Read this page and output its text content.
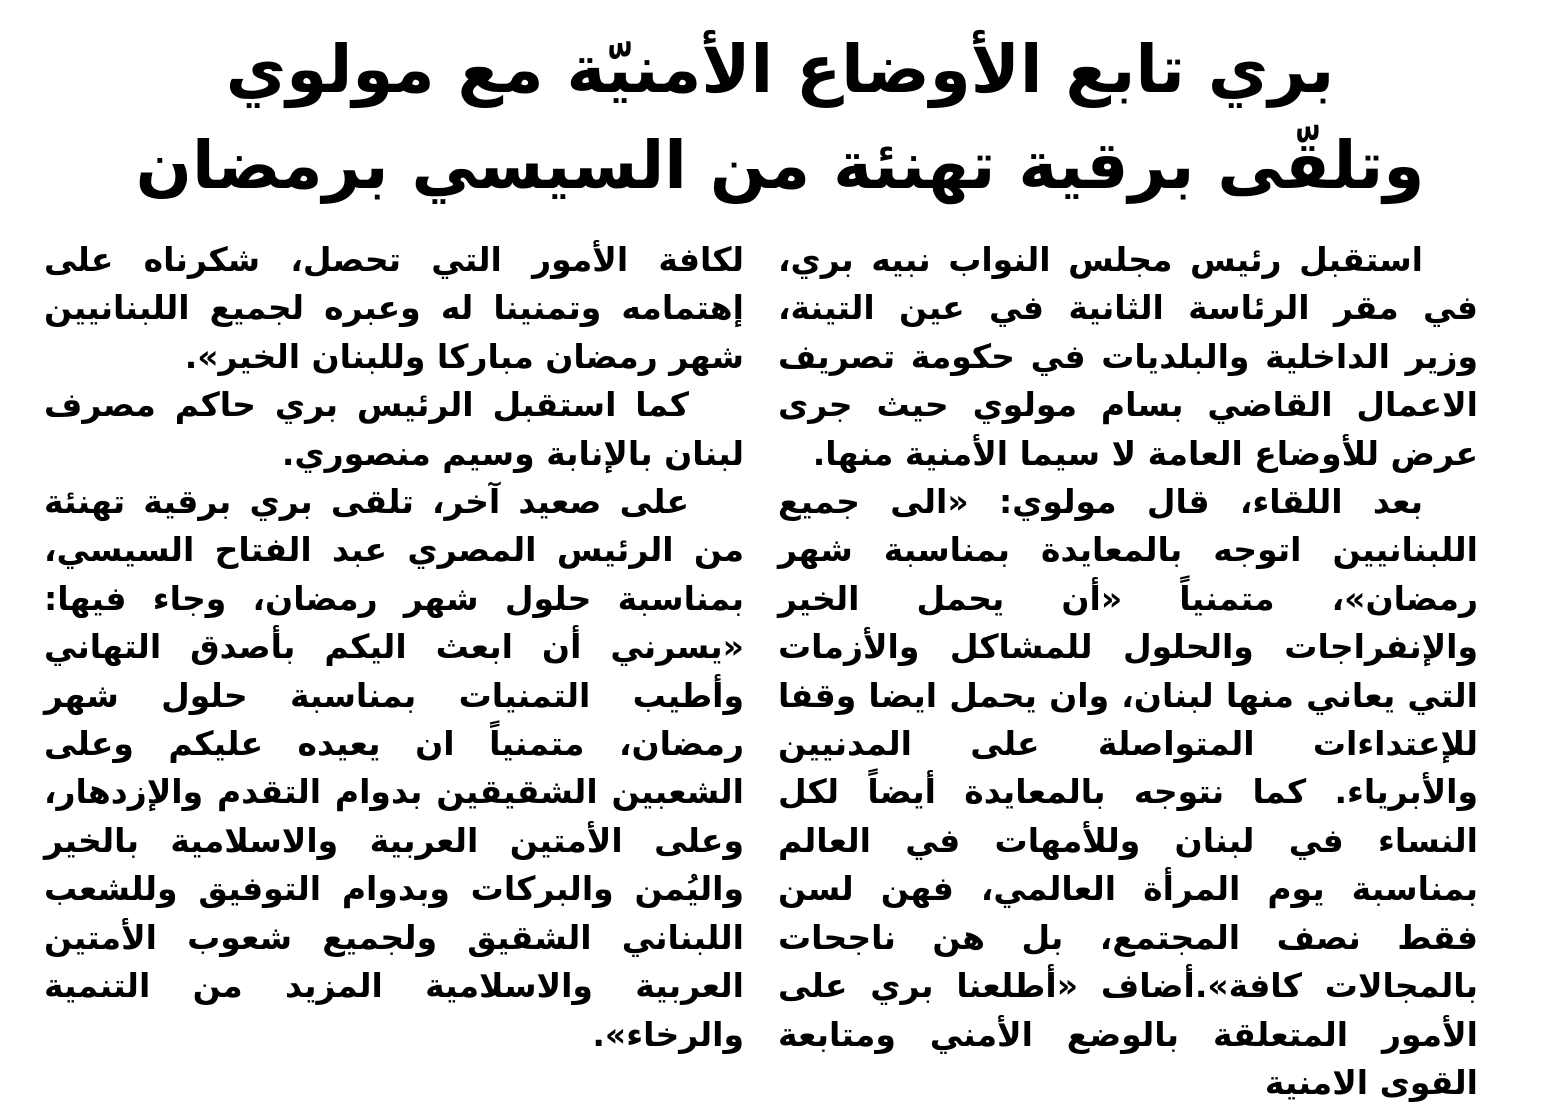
بري تابع الأوضاع الأمنيّة مع مولوي
وتلقّى برقية تهنئة من السيسي برمضان

استقبل رئيس مجلس النواب نبيه بري، في مقر الرئاسة الثانية في عين التينة، وزير الداخلية والبلديات في حكومة تصريف الاعمال القاضي بسام مولوي حيث جرى عرض للأوضاع العامة لا سيما الأمنية منها.

بعد اللقاء، قال مولوي: «الى جميع اللبنانيين اتوجه بالمعايدة بمناسبة شهر رمضان»، متمنياً «أن يحمل الخير والإنفراجات والحلول للمشاكل والأزمات التي يعاني منها لبنان، وان يحمل ايضا وقفا للإعتداءات المتواصلة على المدنيين والأبرياء. كما نتوجه بالمعايدة أيضاً لكل النساء في لبنان وللأمهات في العالم بمناسبة يوم المرأة العالمي، فهن لسن فقط نصف المجتمع، بل هن ناجحات بالمجالات كافة».أضاف «أطلعنا بري على الأمور المتعلقة بالوضع الأمني ومتابعة القوى الامنية

لكافة الأمور التي تحصل، شكرناه على إهتمامه وتمنينا له وعبره لجميع اللبنانيين شهر رمضان مباركا وللبنان الخير».

كما استقبل الرئيس بري حاكم مصرف لبنان بالإنابة وسيم منصوري.

على صعيد آخر، تلقى بري برقية تهنئة من الرئيس المصري عبد الفتاح السيسي، بمناسبة حلول شهر رمضان، وجاء فيها: «يسرني أن ابعث اليكم بأصدق التهاني وأطيب التمنيات بمناسبة حلول شهر رمضان، متمنياً ان يعيده عليكم وعلى الشعبين الشقيقين بدوام التقدم والإزدهار، وعلى الأمتين العربية والاسلامية بالخير واليُمن والبركات وبدوام التوفيق وللشعب اللبناني الشقيق ولجميع شعوب الأمتين العربية والاسلامية المزيد من التنمية والرخاء».
